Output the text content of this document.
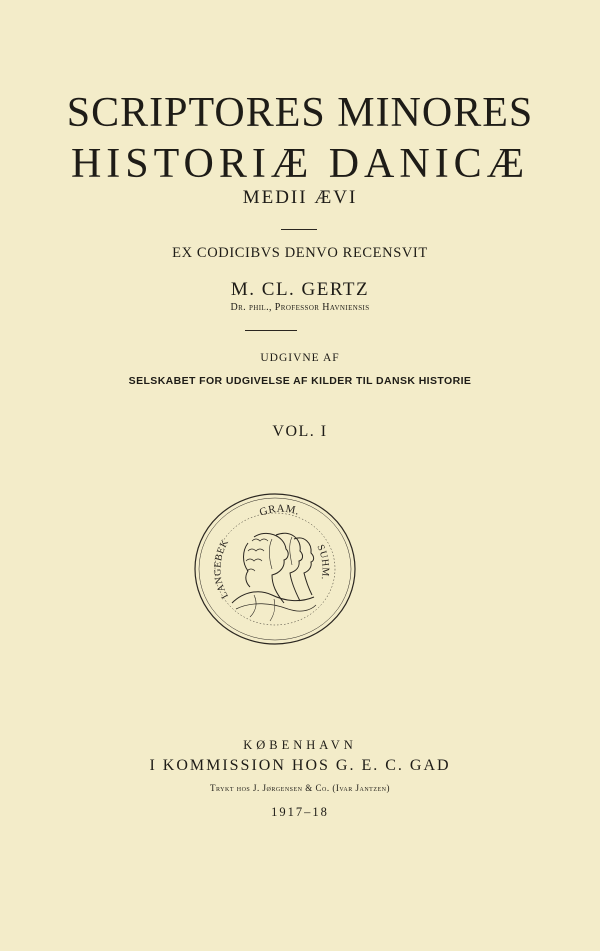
SCRIPTORES MINORES
HISTORIÆ DANICÆ
MEDII ÆVI
EX CODICIBVS DENVO RECENSVIT
M. CL. GERTZ
Dr. phil., Professor Havniensis
UDGIVNE AF
SELSKABET FOR UDGIVELSE AF KILDER TIL DANSK HISTORIE
VOL. I
GRAM.
LANGEBEK	SUHM.
KØBENHAVN
I KOMMISSION HOS G. E. C. GAD
Trykt hos J. Jørgensen & Co. (Ivar Jantzen)
1917–18
